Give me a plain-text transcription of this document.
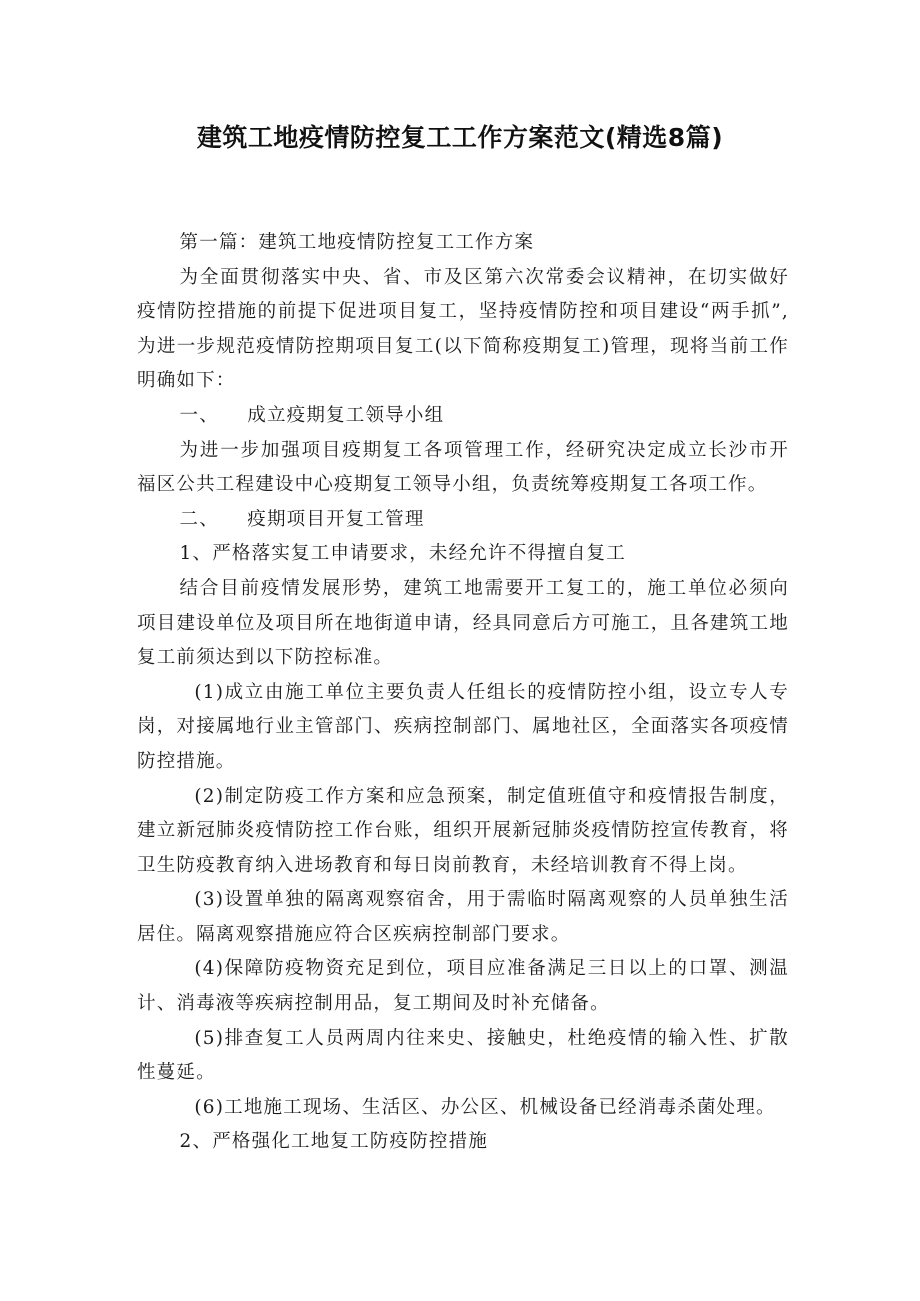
建筑工地疫情防控复工工作方案范文(精选8篇)

第一篇：建筑工地疫情防控复工工作方案

为全面贯彻落实中央、省、市及区第六次常委会议精神，在切实做好疫情防控措施的前提下促进项目复工，坚持疫情防控和项目建设“两手抓”,为进一步规范疫情防控期项目复工(以下简称疫期复工)管理，现将当前工作明确如下：

一、    成立疫期复工领导小组

为进一步加强项目疫期复工各项管理工作，经研究决定成立长沙市开福区公共工程建设中心疫期复工领导小组，负责统筹疫期复工各项工作。

二、    疫期项目开复工管理

1、严格落实复工申请要求，未经允许不得擅自复工

结合目前疫情发展形势，建筑工地需要开工复工的，施工单位必须向项目建设单位及项目所在地街道申请，经具同意后方可施工，且各建筑工地复工前须达到以下防控标准。

(1)成立由施工单位主要负责人任组长的疫情防控小组，设立专人专岗，对接属地行业主管部门、疾病控制部门、属地社区，全面落实各项疫情防控措施。

(2)制定防疫工作方案和应急预案，制定值班值守和疫情报告制度，建立新冠肺炎疫情防控工作台账，组织开展新冠肺炎疫情防控宣传教育，将卫生防疫教育纳入进场教育和每日岗前教育，未经培训教育不得上岗。

(3)设置单独的隔离观察宿舍，用于需临时隔离观察的人员单独生活居住。隔离观察措施应符合区疾病控制部门要求。

(4)保障防疫物资充足到位，项目应准备满足三日以上的口罩、测温计、消毒液等疾病控制用品，复工期间及时补充储备。

(5)排查复工人员两周内往来史、接触史，杜绝疫情的输入性、扩散性蔓延。

(6)工地施工现场、生活区、办公区、机械设备已经消毒杀菌处理。

2、严格强化工地复工防疫防控措施
